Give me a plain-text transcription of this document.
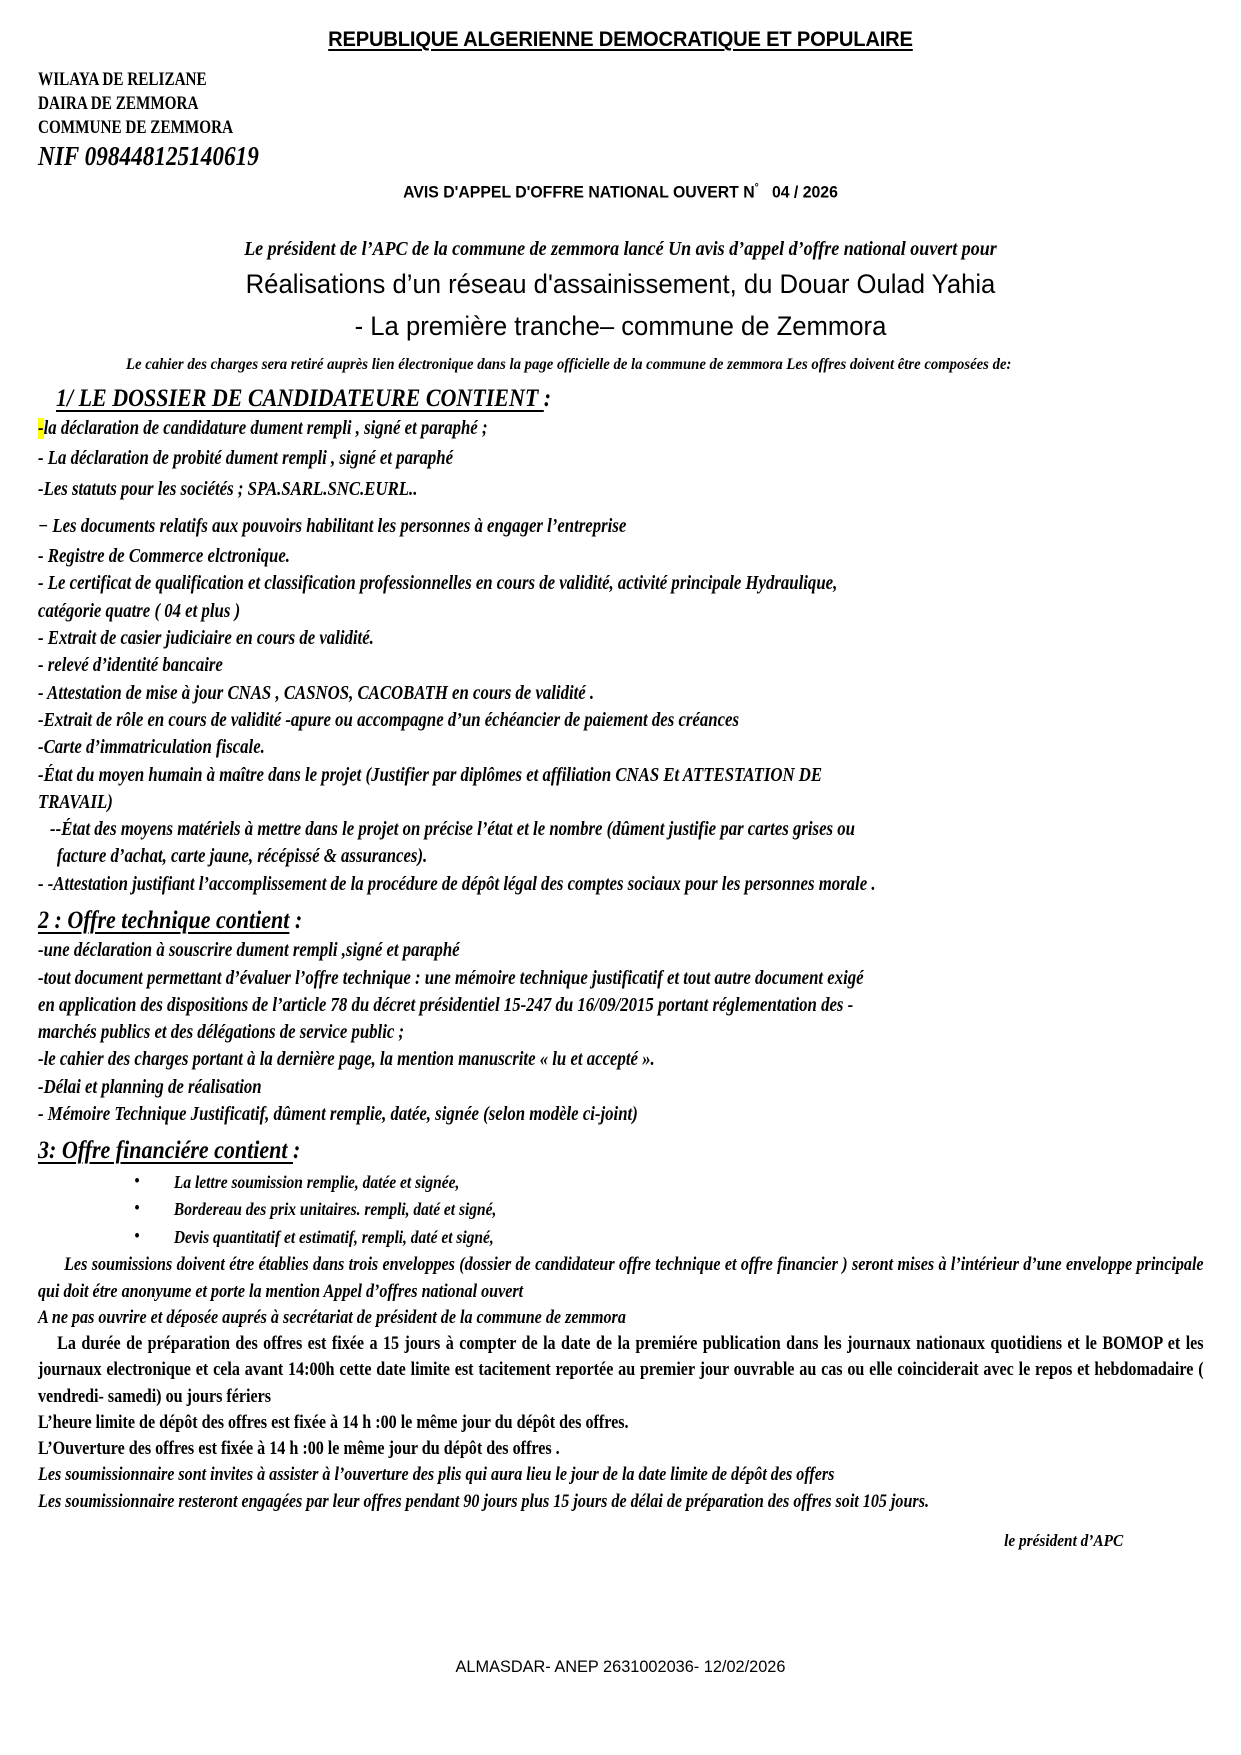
REPUBLIQUE ALGERIENNE DEMOCRATIQUE ET POPULAIRE
WILAYA DE RELIZANE
DAIRA DE ZEMMORA
COMMUNE DE ZEMMORA
NIF 098448125140619
AVIS D'APPEL D'OFFRE NATIONAL OUVERT N° 04 / 2026
Le président de l’APC de la commune de zemmora lancé Un avis d’appel d’offre national ouvert pour
Réalisations d’un réseau d'assainissement, du Douar Oulad Yahia
- La première tranche– commune de Zemmora
Le cahier des charges sera retiré auprès lien électronique dans la page officielle de la commune de zemmora Les offres doivent être composées de:
1/ LE DOSSIER DE CANDIDATEURE CONTIENT :
-la déclaration de candidature dument rempli , signé et paraphé ;
- La déclaration de probité dument rempli , signé et paraphé
-Les statuts pour les sociétés ; SPA.SARL.SNC.EURL..
− Les documents relatifs aux pouvoirs habilitant les personnes à engager l’entreprise
- Registre de Commerce elctronique.
- Le certificat de qualification et classification professionnelles en cours de validité, activité principale Hydraulique,
catégorie quatre ( 04 et plus )
- Extrait de casier judiciaire en cours de validité.
- relevé d’identité bancaire
- Attestation de mise à jour CNAS , CASNOS, CACOBATH en cours de validité .
-Extrait de rôle en cours de validité -apure ou accompagne d’un échéancier de paiement des créances
-Carte d’immatriculation fiscale.
-État du moyen humain à maître dans le projet (Justifier par diplômes et affiliation CNAS Et ATTESTATION DE
TRAVAIL)
--État des moyens matériels à mettre dans le projet on précise l’état et le nombre (dûment justifie par cartes grises ou
facture d’achat, carte jaune, récépissé & assurances).
- -Attestation justifiant l’accomplissement de la procédure de dépôt légal des comptes sociaux pour les personnes morale .
2 : Offre technique contient :
-une déclaration à souscrire dument rempli ,signé et paraphé
-tout document permettant d’évaluer l’offre technique : une mémoire technique justificatif et tout autre document exigé
en application des dispositions de l’article 78 du décret présidentiel 15-247 du 16/09/2015 portant réglementation des -
marchés publics et des délégations de service public ;
-le cahier des charges portant à la dernière page, la mention manuscrite « lu et accepté ».
-Délai et planning de réalisation
- Mémoire Technique Justificatif, dûment remplie, datée, signée (selon modèle ci-joint)
3: Offre financiére contient :
• La lettre soumission remplie, datée et signée,
• Bordereau des prix unitaires. rempli, daté et signé,
• Devis quantitatif et estimatif, rempli, daté et signé,
Les soumissions doivent étre établies dans trois enveloppes (dossier de candidateur offre technique et offre financier ) seront mises à l’intérieur d’une enveloppe principale qui doit étre anonyume et porte la mention Appel d’offres national ouvert
A ne pas ouvrire et déposée auprés à secrétariat de président de la commune de zemmora
La durée de préparation des offres est fixée a 15 jours à compter de la date de la premiére publication dans les journaux nationaux quotidiens et le BOMOP et les journaux electronique et cela avant 14:00h cette date limite est tacitement reportée au premier jour ouvrable au cas ou elle coinciderait avec le repos et hebdomadaire ( vendredi- samedi) ou jours fériers
L’heure limite de dépôt des offres est fixée à 14 h :00 le même jour du dépôt des offres.
L’Ouverture des offres est fixée à 14 h :00 le même jour du dépôt des offres .
Les soumissionnaire sont invites à assister à l’ouverture des plis qui aura lieu le jour de la date limite de dépôt des offers
Les soumissionnaire resteront engagées par leur offres pendant 90 jours plus 15 jours de délai de préparation des offres soit 105 jours.
le président d’APC
ALMASDAR- ANEP 2631002036- 12/02/2026
